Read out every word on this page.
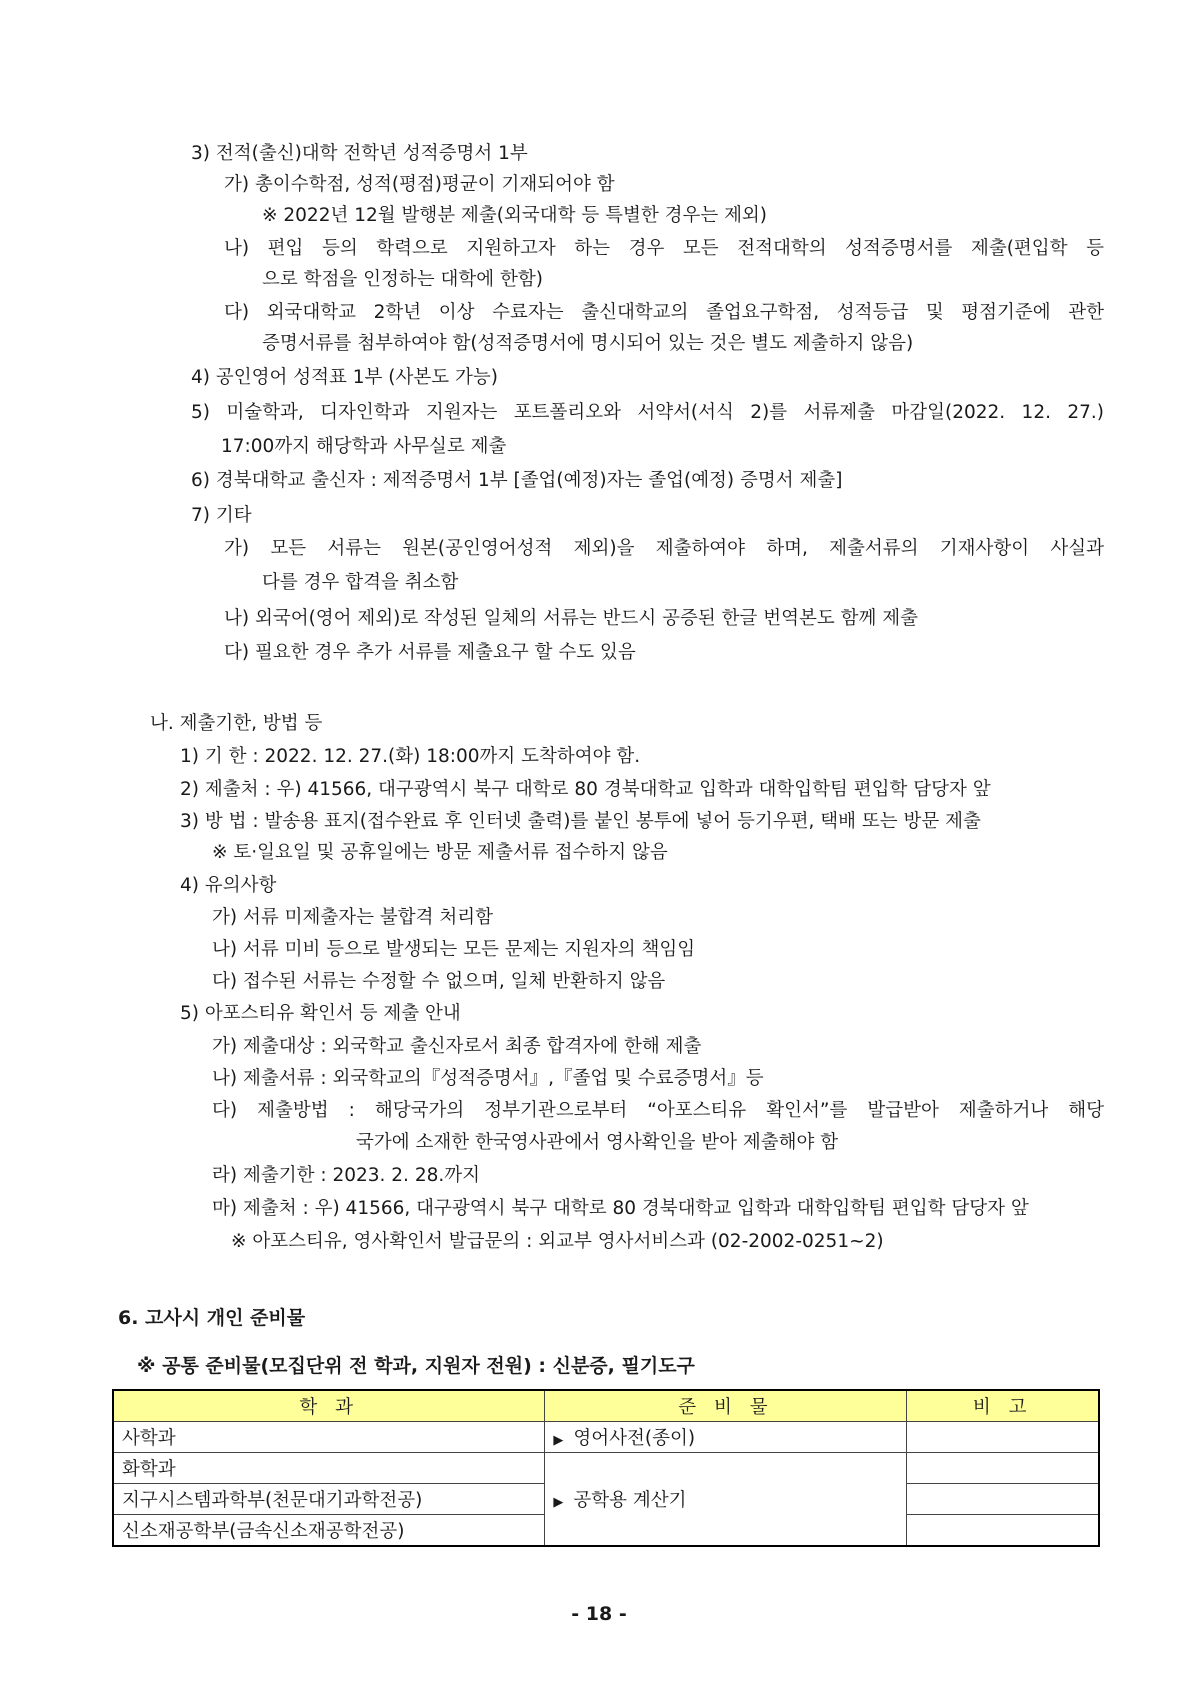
3) 전적(출신)대학 전학년 성적증명서 1부
가) 총이수학점, 성적(평점)평균이 기재되어야 함
※ 2022년 12월 발행분 제출(외국대학 등 특별한 경우는 제외)
나) 편입 등의 학력으로 지원하고자 하는 경우 모든 전적대학의 성적증명서를 제출(편입학 등
으로 학점을 인정하는 대학에 한함)
다) 외국대학교 2학년 이상 수료자는 출신대학교의 졸업요구학점, 성적등급 및 평점기준에 관한
증명서류를 첨부하여야 함(성적증명서에 명시되어 있는 것은 별도 제출하지 않음)
4) 공인영어 성적표 1부 (사본도 가능)
5) 미술학과, 디자인학과 지원자는 포트폴리오와 서약서(서식 2)를 서류제출 마감일(2022. 12. 27.)
17:00까지 해당학과 사무실로 제출
6) 경북대학교 출신자 : 제적증명서 1부 [졸업(예정)자는 졸업(예정) 증명서 제출]
7) 기타
가) 모든 서류는 원본(공인영어성적 제외)을 제출하여야 하며, 제출서류의 기재사항이 사실과
다를 경우 합격을 취소함
나) 외국어(영어 제외)로 작성된 일체의 서류는 반드시 공증된 한글 번역본도 함께 제출
다) 필요한 경우 추가 서류를 제출요구 할 수도 있음
나. 제출기한, 방법 등
1) 기 한 : 2022. 12. 27.(화) 18:00까지 도착하여야 함.
2) 제출처 : 우) 41566, 대구광역시 북구 대학로 80 경북대학교 입학과 대학입학팀 편입학 담당자 앞
3) 방 법 : 발송용 표지(접수완료 후 인터넷 출력)를 붙인 봉투에 넣어 등기우편, 택배 또는 방문 제출
※ 토·일요일 및 공휴일에는 방문 제출서류 접수하지 않음
4) 유의사항
가) 서류 미제출자는 불합격 처리함
나) 서류 미비 등으로 발생되는 모든 문제는 지원자의 책임임
다) 접수된 서류는 수정할 수 없으며, 일체 반환하지 않음
5) 아포스티유 확인서 등 제출 안내
가) 제출대상 : 외국학교 출신자로서 최종 합격자에 한해 제출
나) 제출서류 : 외국학교의『성적증명서』,『졸업 및 수료증명서』등
다) 제출방법 : 해당국가의 정부기관으로부터 “아포스티유 확인서”를 발급받아 제출하거나 해당
국가에 소재한 한국영사관에서 영사확인을 받아 제출해야 함
라) 제출기한 : 2023. 2. 28.까지
마) 제출처 : 우) 41566, 대구광역시 북구 대학로 80 경북대학교 입학과 대학입학팀 편입학 담당자 앞
※ 아포스티유, 영사확인서 발급문의 : 외교부 영사서비스과 (02-2002-0251~2)
6. 고사시 개인 준비물
※ 공통 준비물(모집단위 전 학과, 지원자 전원) : 신분증, 필기도구
학 과	준 비 물	비 고
사학과	▶ 영어사전(종이)	
화학과	▶ 공학용 계산기	
지구시스템과학부(천문대기과학전공)		
신소재공학부(금속신소재공학전공)		
- 18 -
